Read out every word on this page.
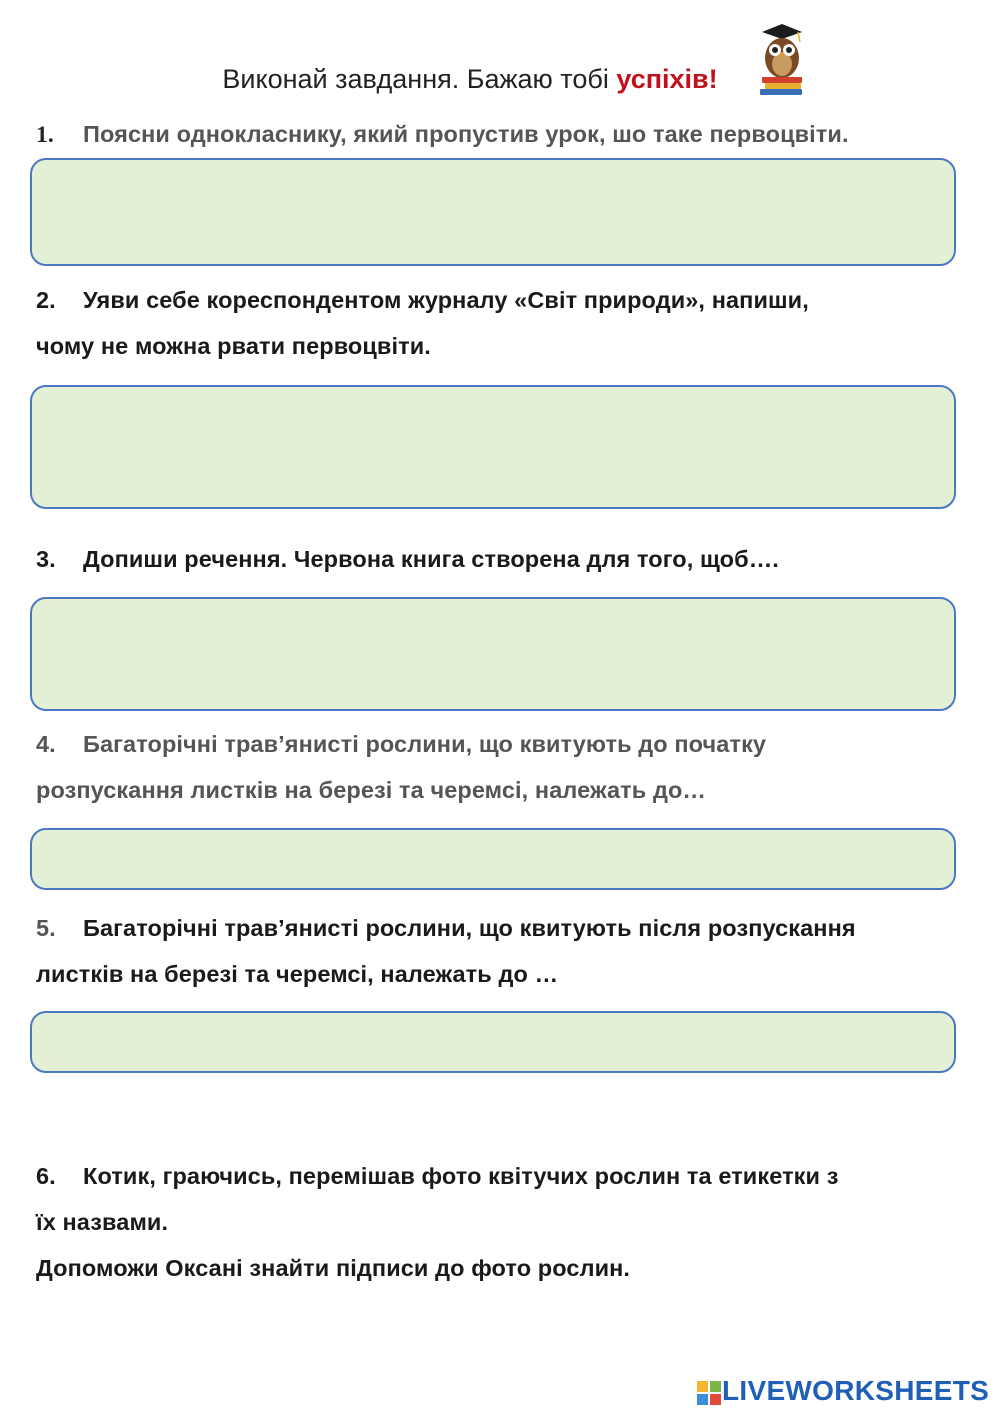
Виконай завдання. Бажаю тобі успіхів!
1. Поясни однокласнику, який пропустив урок, шо таке первоцвіти.
2. Уяви себе кореспондентом журналу «Світ природи», напиши,
чому не можна рвати первоцвіти.
3. Допиши речення. Червона книга створена для того, щоб….
4. Багаторічні трав’янисті рослини, що квитують до початку
розпускання листків на березі та черемсі, належать до…
5. Багаторічні трав’янисті рослини, що квитують після розпускання
листків на березі та черемсі, належать до …
6. Котик, граючись, перемішав фото квітучих рослин та етикетки з
їх назвами.
Допоможи Оксані знайти підписи до фото рослин.
LIVEWORKSHEETS
